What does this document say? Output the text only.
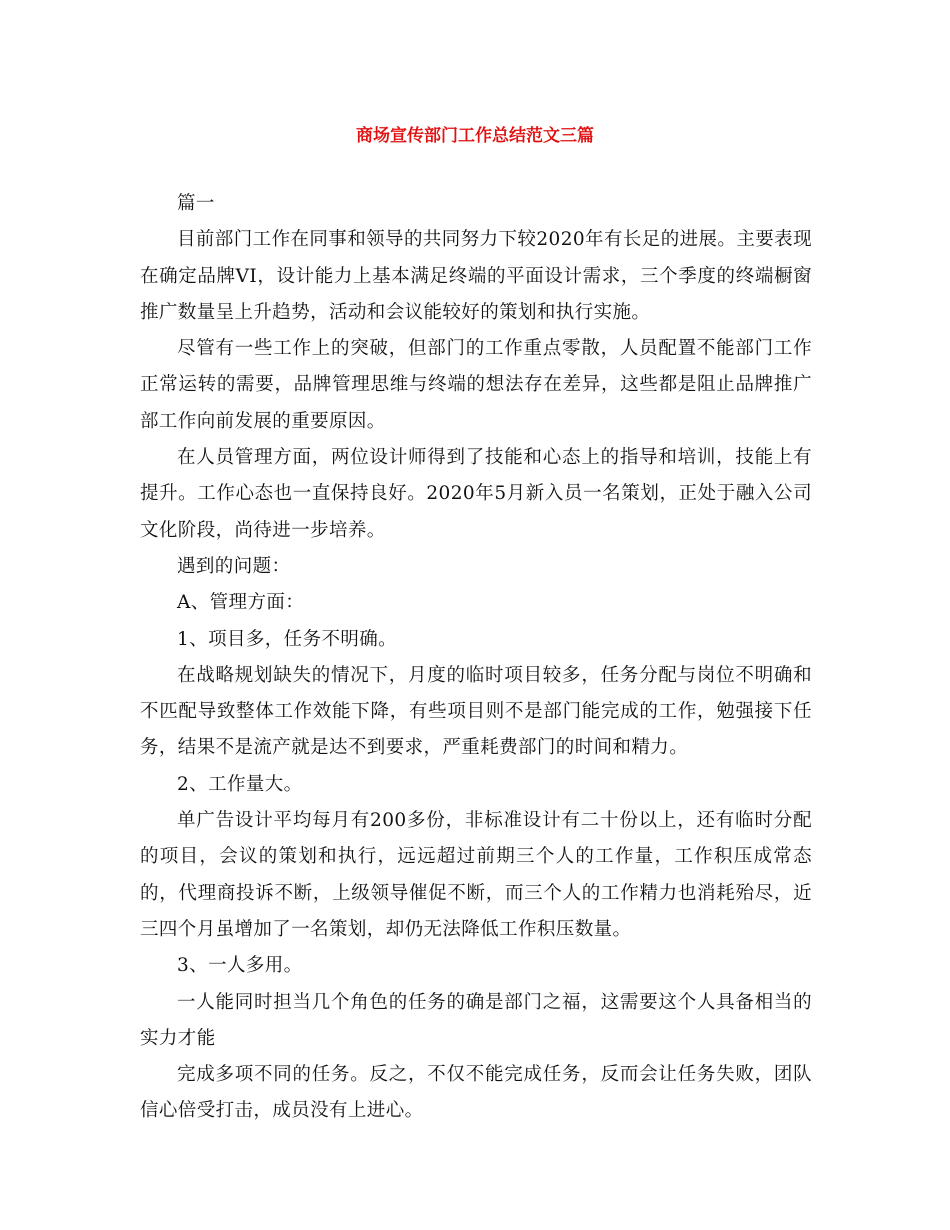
商场宣传部门工作总结范文三篇

篇一

目前部门工作在同事和领导的共同努力下较2020年有长足的进展。主要表现在确定品牌VI，设计能力上基本满足终端的平面设计需求，三个季度的终端橱窗推广数量呈上升趋势，活动和会议能较好的策划和执行实施。

尽管有一些工作上的突破，但部门的工作重点零散，人员配置不能部门工作正常运转的需要，品牌管理思维与终端的想法存在差异，这些都是阻止品牌推广部工作向前发展的重要原因。

在人员管理方面，两位设计师得到了技能和心态上的指导和培训，技能上有提升。工作心态也一直保持良好。2020年5月新入员一名策划，正处于融入公司文化阶段，尚待进一步培养。

遇到的问题：

A、管理方面：

1、项目多，任务不明确。

在战略规划缺失的情况下，月度的临时项目较多，任务分配与岗位不明确和不匹配导致整体工作效能下降，有些项目则不是部门能完成的工作，勉强接下任务，结果不是流产就是达不到要求，严重耗费部门的时间和精力。

2、工作量大。

单广告设计平均每月有200多份，非标准设计有二十份以上，还有临时分配的项目，会议的策划和执行，远远超过前期三个人的工作量，工作积压成常态的，代理商投诉不断，上级领导催促不断，而三个人的工作精力也消耗殆尽，近三四个月虽增加了一名策划，却仍无法降低工作积压数量。

3、一人多用。

一人能同时担当几个角色的任务的确是部门之福，这需要这个人具备相当的实力才能

完成多项不同的任务。反之，不仅不能完成任务，反而会让任务失败，团队信心倍受打击，成员没有上进心。
